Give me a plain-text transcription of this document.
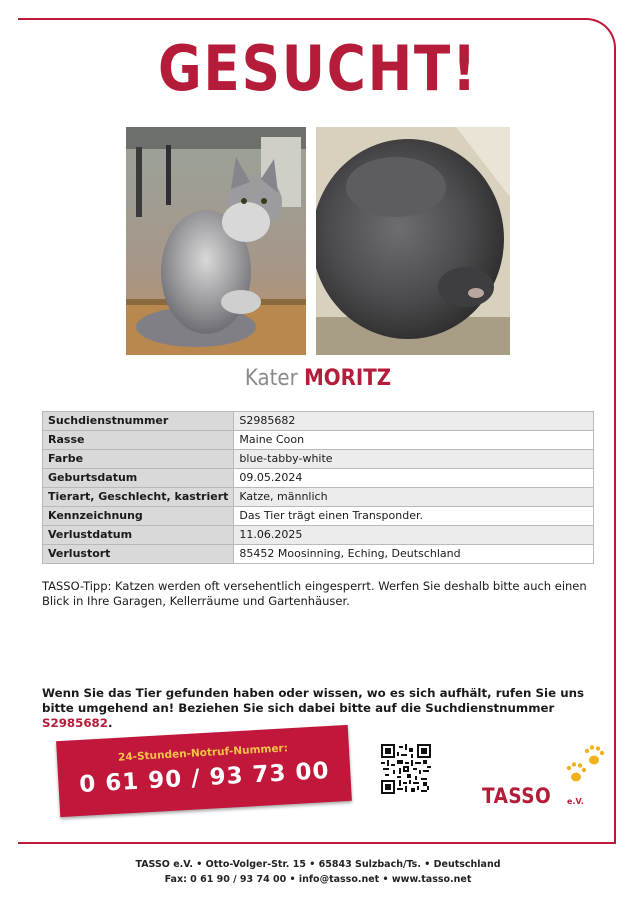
GESUCHT!
Kater MORITZ
Suchdienstnummer	S2985682
Rasse	Maine Coon
Farbe	blue-tabby-white
Geburtsdatum	09.05.2024
Tierart, Geschlecht, kastriert	Katze, männlich
Kennzeichnung	Das Tier trägt einen Transponder.
Verlustdatum	11.06.2025
Verlustort	85452 Moosinning, Eching, Deutschland
TASSO-Tipp: Katzen werden oft versehentlich eingesperrt. Werfen Sie deshalb bitte auch einen Blick in Ihre Garagen, Kellerräume und Gartenhäuser.
Wenn Sie das Tier gefunden haben oder wissen, wo es sich aufhält, rufen Sie uns bitte umgehend an! Beziehen Sie sich dabei bitte auf die Suchdienstnummer S2985682.
24-Stunden-Notruf-Nummer:
0 61 90 / 93 73 00	TASSO e.V.
TASSO e.V. • Otto-Volger-Str. 15 • 65843 Sulzbach/Ts. • Deutschland
Fax: 0 61 90 / 93 74 00 • info@tasso.net • www.tasso.net
